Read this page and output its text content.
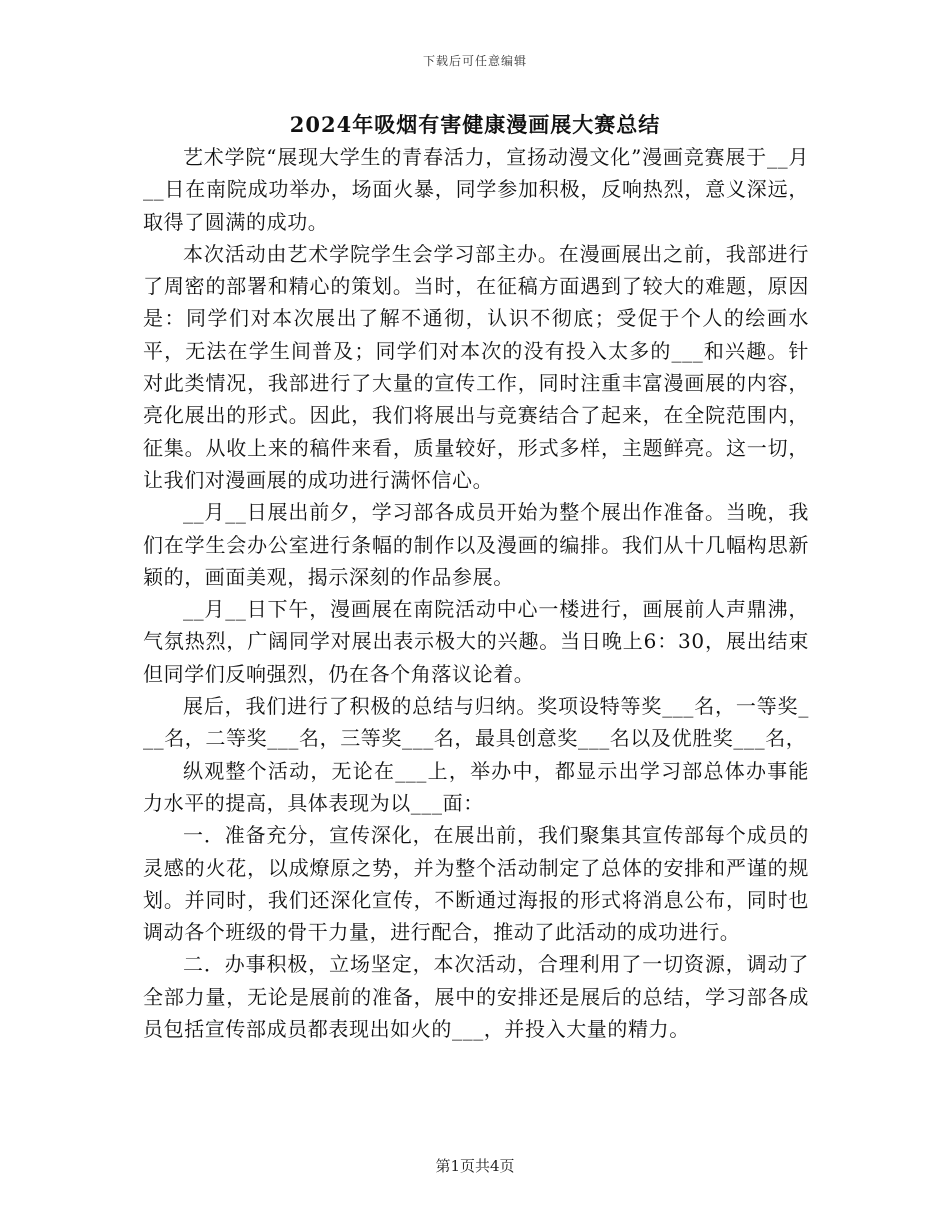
下载后可任意编辑
2024年吸烟有害健康漫画展大赛总结

艺术学院“展现大学生的青春活力，宣扬动漫文化”漫画竞赛展于__月__日在南院成功举办，场面火暴，同学参加积极，反响热烈，意义深远，取得了圆满的成功。

本次活动由艺术学院学生会学习部主办。在漫画展出之前，我部进行了周密的部署和精心的策划。当时，在征稿方面遇到了较大的难题，原因是：同学们对本次展出了解不通彻，认识不彻底；受促于个人的绘画水平，无法在学生间普及；同学们对本次的没有投入太多的___和兴趣。针对此类情况，我部进行了大量的宣传工作，同时注重丰富漫画展的内容，亮化展出的形式。因此，我们将展出与竞赛结合了起来，在全院范围内，征集。从收上来的稿件来看，质量较好，形式多样，主题鲜亮。这一切，让我们对漫画展的成功进行满怀信心。

__月__日展出前夕，学习部各成员开始为整个展出作准备。当晚，我们在学生会办公室进行条幅的制作以及漫画的编排。我们从十几幅构思新颖的，画面美观，揭示深刻的作品参展。

__月__日下午，漫画展在南院活动中心一楼进行，画展前人声鼎沸，气氛热烈，广阔同学对展出表示极大的兴趣。当日晚上6：30，展出结束但同学们反响强烈，仍在各个角落议论着。

展后，我们进行了积极的总结与归纳。奖项设特等奖___名，一等奖___名，二等奖___名，三等奖___名，最具创意奖___名以及优胜奖___名，

纵观整个活动，无论在___上，举办中，都显示出学习部总体办事能力水平的提高，具体表现为以___面：

一．准备充分，宣传深化，在展出前，我们聚集其宣传部每个成员的灵感的火花，以成燎原之势，并为整个活动制定了总体的安排和严谨的规划。并同时，我们还深化宣传，不断通过海报的形式将消息公布，同时也调动各个班级的骨干力量，进行配合，推动了此活动的成功进行。

二．办事积极，立场坚定，本次活动，合理利用了一切资源，调动了全部力量，无论是展前的准备，展中的安排还是展后的总结，学习部各成员包括宣传部成员都表现出如火的___，并投入大量的精力。

第1页共4页
